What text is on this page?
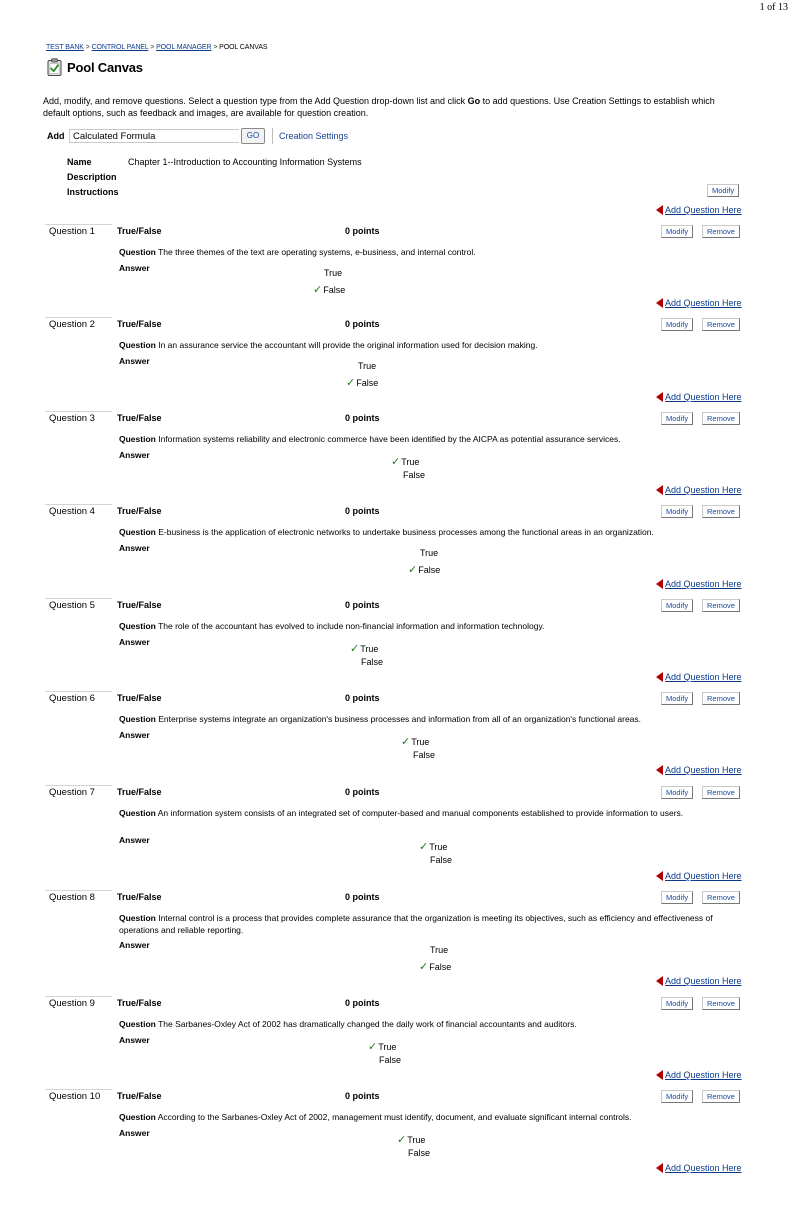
1 of 13
TEST BANK > CONTROL PANEL > POOL MANAGER > POOL CANVAS
Pool Canvas
Add, modify, and remove questions. Select a question type from the Add Question drop-down list and click Go to add questions. Use Creation Settings to establish which default options, such as feedback and images, are available for question creation.
Add Calculated Formula	GO	Creation Settings
Name	Chapter 1--Introduction to Accounting Information Systems
Description
Instructions	Modify
Add Question Here
Add Question Here
Add Question Here
Add Question Here
Add Question Here
Add Question Here
Add Question Here
Add Question Here
Add Question Here
Add Question Here
Add Question Here
Question 1 True/False	0 points	Modify	Remove
Question The three themes of the text are operating systems, e-business, and internal control.
Answer	True
✓False
Question 2 True/False	0 points	Modify	Remove
Question In an assurance service the accountant will provide the original information used for decision making.
Answer	True
✓False
Question 3 True/False	0 points	Modify	Remove
Question Information systems reliability and electronic commerce have been identified by the AICPA as potential assurance services.
Answer
✓True
False
Question 4 True/False	0 points	Modify	Remove
Question E-business is the application of electronic networks to undertake business processes among the functional areas in an organization.
Answer	True
✓False
Question 5 True/False	0 points	Modify	Remove
Question The role of the accountant has evolved to include non-financial information and information technology.
Answer
✓True
False
Question 6 True/False	0 points	Modify	Remove
Question Enterprise systems integrate an organization's business processes and information from all of an organization's functional areas.
Answer
✓True
False
Question 7 True/False	0 points	Modify	Remove
Question An information system consists of an integrated set of computer-based and manual components established to provide information to users.
Answer
✓True
False
Question 8 True/False	0 points	Modify	Remove
Question Internal control is a process that provides complete assurance that the organization is meeting its objectives, such as efficiency and effectiveness of operations and reliable reporting.
Answer	True
✓False
Question 9 True/False	0 points	Modify	Remove
Question The Sarbanes-Oxley Act of 2002 has dramatically changed the daily work of financial accountants and auditors.
Answer
✓True
False
Question 10 True/False	0 points	Modify	Remove
Question According to the Sarbanes-Oxley Act of 2002, management must identify, document, and evaluate significant internal controls.
Answer
✓True
False
